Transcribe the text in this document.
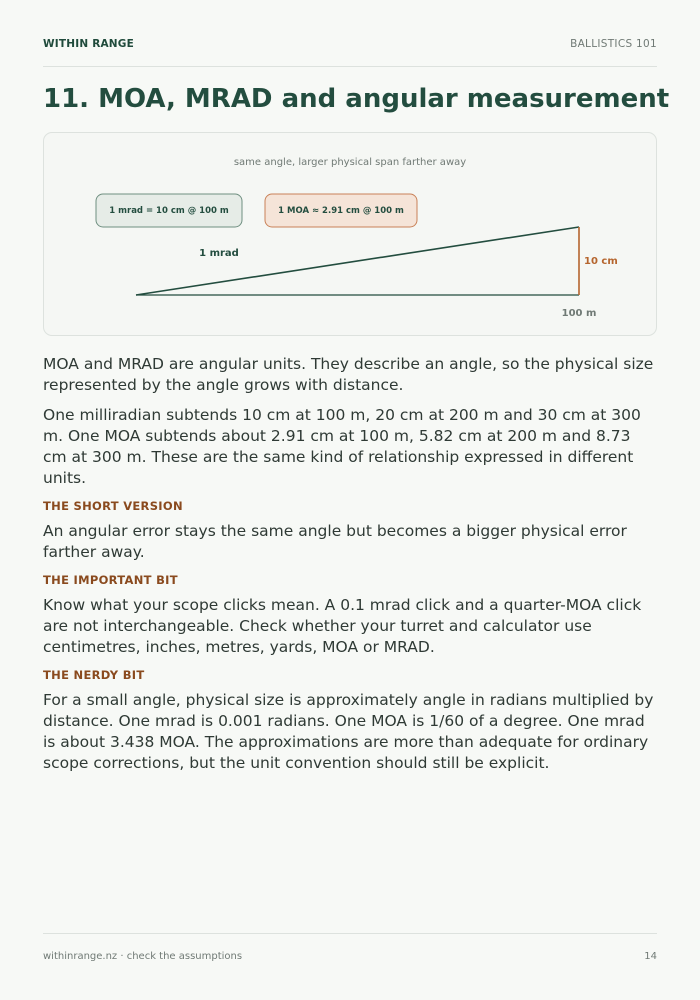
WITHIN RANGE	BALLISTICS 101
11. MOA, MRAD and angular measurement
same angle, larger physical span farther away
1 mrad = 10 cm @ 100 m	1 MOA ≈ 2.91 cm @ 100 m
1 mrad
10 cm
100 m

MOA and MRAD are angular units. They describe an angle, so the physical size represented by the angle grows with distance.

One milliradian subtends 10 cm at 100 m, 20 cm at 200 m and 30 cm at 300 m. One MOA subtends about 2.91 cm at 100 m, 5.82 cm at 200 m and 8.73 cm at 300 m. These are the same kind of relationship expressed in different units.

THE SHORT VERSION

An angular error stays the same angle but becomes a bigger physical error farther away.

THE IMPORTANT BIT

Know what your scope clicks mean. A 0.1 mrad click and a quarter-MOA click are not interchangeable. Check whether your turret and calculator use centimetres, inches, metres, yards, MOA or MRAD.

THE NERDY BIT

For a small angle, physical size is approximately angle in radians multiplied by distance. One mrad is 0.001 radians. One MOA is 1/60 of a degree. One mrad is about 3.438 MOA. The approximations are more than adequate for ordinary scope corrections, but the unit convention should still be explicit.

withinrange.nz · check the assumptions	14
